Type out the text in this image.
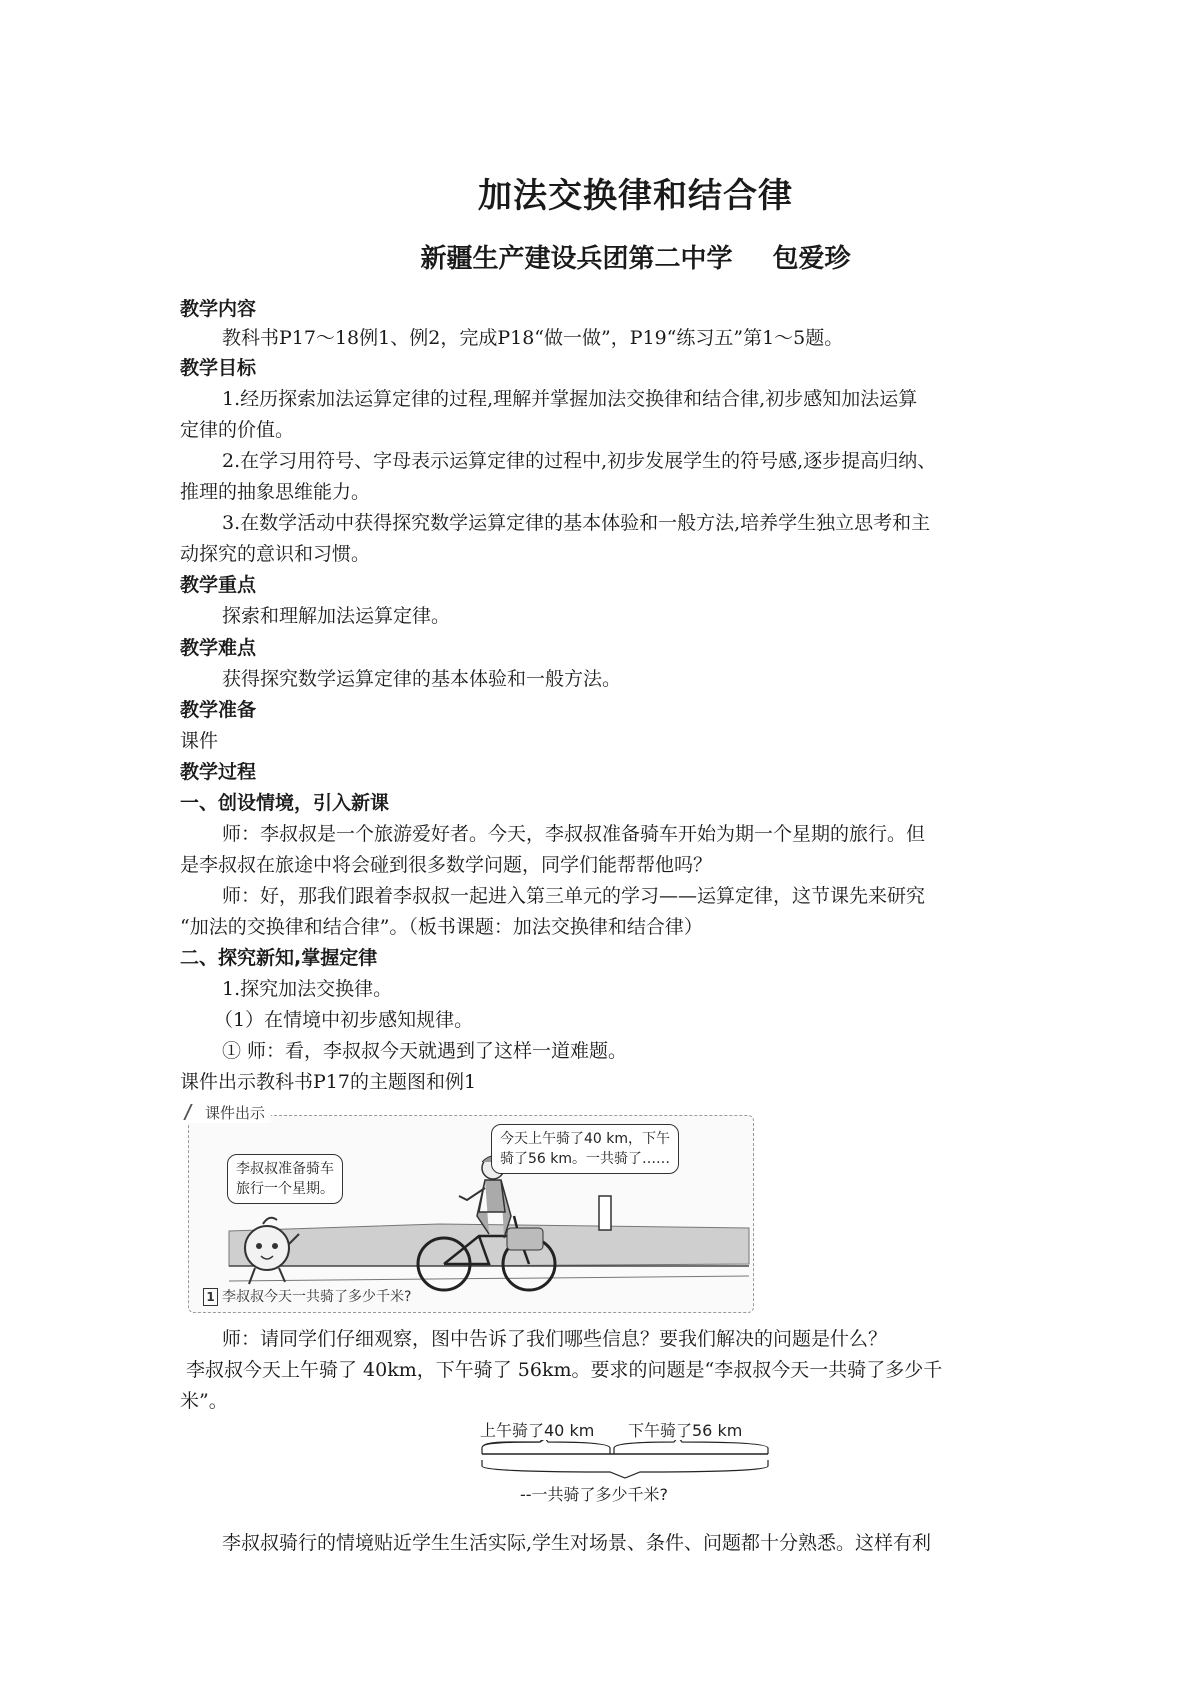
加法交换律和结合律
新疆生产建设兵团第二中学 包爱珍
教学内容
教科书P17～18例1、例2，完成P18“做一做”，P19“练习五”第1～5题。
教学目标
1.经历探索加法运算定律的过程,理解并掌握加法交换律和结合律,初步感知加法运算
定律的价值。
2.在学习用符号、字母表示运算定律的过程中,初步发展学生的符号感,逐步提高归纳、
推理的抽象思维能力。
3.在数学活动中获得探究数学运算定律的基本体验和一般方法,培养学生独立思考和主
动探究的意识和习惯。
教学重点
探索和理解加法运算定律。
教学难点
获得探究数学运算定律的基本体验和一般方法。
教学准备
课件
教学过程
一、创设情境，引入新课
师：李叔叔是一个旅游爱好者。今天，李叔叔准备骑车开始为期一个星期的旅行。但
是李叔叔在旅途中将会碰到很多数学问题，同学们能帮帮他吗？
师：好，那我们跟着李叔叔一起进入第三单元的学习——运算定律，这节课先来研究
“加法的交换律和结合律”。（板书课题：加法交换律和结合律）
二、探究新知,掌握定律
1.探究加法交换律。
（1）在情境中初步感知规律。
① 师：看，李叔叔今天就遇到了这样一道难题。
课件出示教科书P17的主题图和例1
课件出示
李叔叔准备骑车
旅行一个星期。
今天上午骑了40 km，下午
骑了56 km。一共骑了……
1 李叔叔今天一共骑了多少千米?
师：请同学们仔细观察，图中告诉了我们哪些信息？要我们解决的问题是什么？
李叔叔今天上午骑了 40km，下午骑了 56km。要求的问题是“李叔叔今天一共骑了多少千
米”。
上午骑了40 km 下午骑了56 km
--一共骑了多少千米?
李叔叔骑行的情境贴近学生生活实际,学生对场景、条件、问题都十分熟悉。这样有利
